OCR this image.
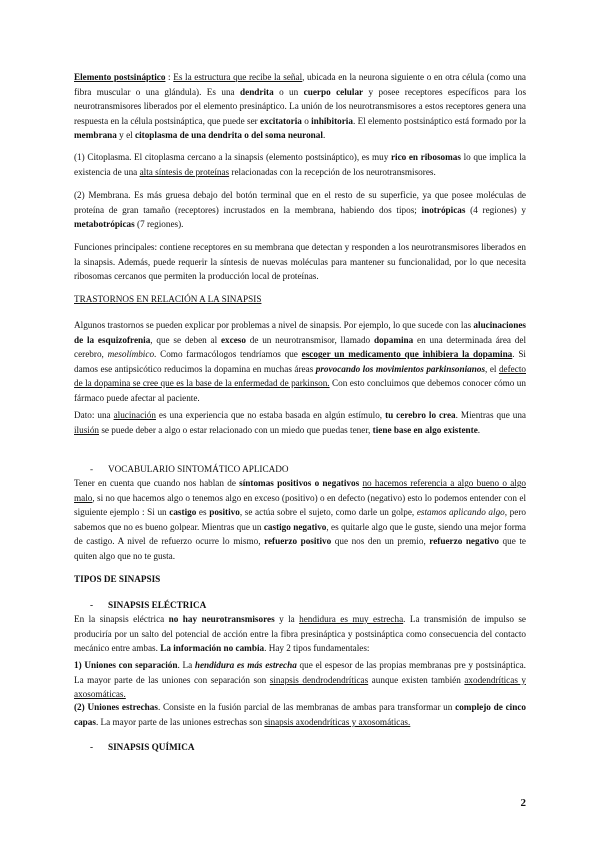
Elemento postsináptico : Es la estructura que recibe la señal, ubicada en la neurona siguiente o en otra célula (como una fibra muscular o una glándula). Es una dendrita o un cuerpo celular y posee receptores específicos para los neurotransmisores liberados por el elemento presináptico. La unión de los neurotransmisores a estos receptores genera una respuesta en la célula postsináptica, que puede ser excitatoria o inhibitoria. El elemento postsináptico está formado por la membrana y el citoplasma de una dendrita o del soma neuronal.

(1) Citoplasma. El citoplasma cercano a la sinapsis (elemento postsináptico), es muy rico en ribosomas lo que implica la existencia de una alta síntesis de proteínas relacionadas con la recepción de los neurotransmisores.

(2) Membrana. Es más gruesa debajo del botón terminal que en el resto de su superficie, ya que posee moléculas de proteína de gran tamaño (receptores) incrustados en la membrana, habiendo dos tipos; inotrópicas (4 regiones) y metabotrópicas (7 regiones).

Funciones principales: contiene receptores en su membrana que detectan y responden a los neurotransmisores liberados en la sinapsis. Además, puede requerir la síntesis de nuevas moléculas para mantener su funcionalidad, por lo que necesita ribosomas cercanos que permiten la producción local de proteínas.

TRASTORNOS EN RELACIÓN A LA SINAPSIS

Algunos trastornos se pueden explicar por problemas a nivel de sinapsis. Por ejemplo, lo que sucede con las alucinaciones de la esquizofrenia, que se deben al exceso de un neurotransmisor, llamado dopamina en una determinada área del cerebro, mesolímbico. Como farmacólogos tendríamos que escoger un medicamento que inhibiera la dopamina. Si damos ese antipsicótico reducimos la dopamina en muchas áreas provocando los movimientos parkinsonianos, el defecto de la dopamina se cree que es la base de la enfermedad de parkinson. Con esto concluimos que debemos conocer cómo un fármaco puede afectar al paciente.

Dato: una alucinación es una experiencia que no estaba basada en algún estímulo, tu cerebro lo crea. Mientras que una ilusión se puede deber a algo o estar relacionado con un miedo que puedas tener, tiene base en algo existente.

- VOCABULARIO SINTOMÁTICO APLICADO

Tener en cuenta que cuando nos hablan de síntomas positivos o negativos no hacemos referencia a algo bueno o algo malo, si no que hacemos algo o tenemos algo en exceso (positivo) o en defecto (negativo) esto lo podemos entender con el siguiente ejemplo : Si un castigo es positivo, se actúa sobre el sujeto, como darle un golpe, estamos aplicando algo, pero sabemos que no es bueno golpear. Mientras que un castigo negativo, es quitarle algo que le guste, siendo una mejor forma de castigo. A nivel de refuerzo ocurre lo mismo, refuerzo positivo que nos den un premio, refuerzo negativo que te quiten algo que no te gusta.

TIPOS DE SINAPSIS

- SINAPSIS ELÉCTRICA

En la sinapsis eléctrica no hay neurotransmisores y la hendidura es muy estrecha. La transmisión de impulso se produciría por un salto del potencial de acción entre la fibra presináptica y postsináptica como consecuencia del contacto mecánico entre ambas. La información no cambia. Hay 2 tipos fundamentales:

1) Uniones con separación. La hendidura es más estrecha que el espesor de las propias membranas pre y postsináptica. La mayor parte de las uniones con separación son sinapsis dendrodendríticas aunque existen también axodendríticas y axosomáticas.

(2) Uniones estrechas. Consiste en la fusión parcial de las membranas de ambas para transformar un complejo de cinco capas. La mayor parte de las uniones estrechas son sinapsis axodendríticas y axosomáticas.

- SINAPSIS QUÍMICA

2
